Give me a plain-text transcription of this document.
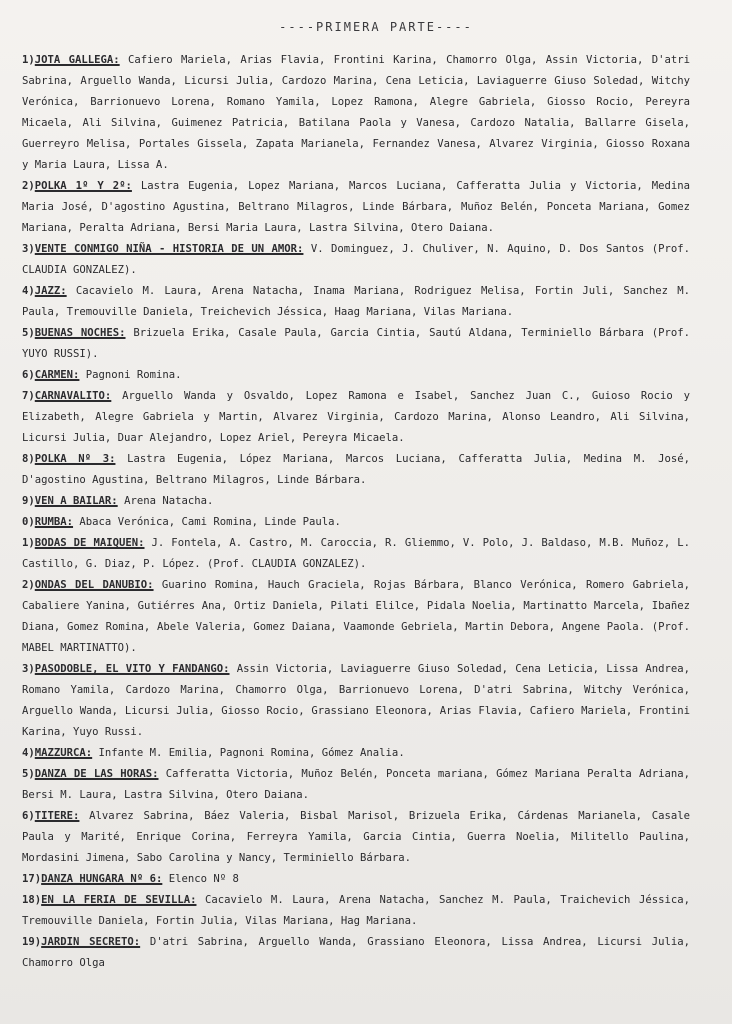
----PRIMERA PARTE----

1)JOTA GALLEGA: Cafiero Mariela, Arias Flavia, Frontini Karina, Chamorro Olga, Assin Victoria, D'atri Sabrina, Arguello Wanda, Licursi Julia, Cardozo Marina, Cena Leticia, Laviaguerre Giuso Soledad, Witchy Verónica, Barrionuevo Lorena, Romano Yamila, Lopez Ramona, Alegre Gabriela, Giosso Rocio, Pereyra Micaela, Ali Silvina, Guimenez Patricia, Batilana Paola y Vanesa, Cardozo Natalia, Ballarre Gisela, Guerreyro Melisa, Portales Gissela, Zapata Marianela, Fernandez Vanesa, Alvarez Virginia, Giosso Roxana y Maria Laura, Lissa A.

2)POLKA 1º Y 2º: Lastra Eugenia, Lopez Mariana, Marcos Luciana, Cafferatta Julia y Victoria, Medina Maria José, D'agostino Agustina, Beltrano Milagros, Linde Bárbara, Muñoz Belén, Ponceta Mariana, Gomez Mariana, Peralta Adriana, Bersi Maria Laura, Lastra Silvina, Otero Daiana.

3)VENTE CONMIGO NIÑA - HISTORIA DE UN AMOR: V. Dominguez, J. Chuliver, N. Aquino, D. Dos Santos (Prof. CLAUDIA GONZALEZ).

4)JAZZ: Cacavielo M. Laura, Arena Natacha, Inama Mariana, Rodriguez Melisa, Fortin Juli, Sanchez M. Paula, Tremouville Daniela, Treichevich Jéssica, Haag Mariana, Vilas Mariana.

5)BUENAS NOCHES: Brizuela Erika, Casale Paula, Garcia Cintia, Sautú Aldana, Terminiello Bárbara (Prof. YUYO RUSSI).

6)CARMEN: Pagnoni Romina.

7)CARNAVALITO: Arguello Wanda y Osvaldo, Lopez Ramona e Isabel, Sanchez Juan C., Guioso Rocio y Elizabeth, Alegre Gabriela y Martin, Alvarez Virginia, Cardozo Marina, Alonso Leandro, Ali Silvina, Licursi Julia, Duar Alejandro, Lopez Ariel, Pereyra Micaela.

8)POLKA Nº 3: Lastra Eugenia, López Mariana, Marcos Luciana, Cafferatta Julia, Medina M. José, D'agostino Agustina, Beltrano Milagros, Linde Bárbara.

9)VEN A BAILAR: Arena Natacha.

0)RUMBA: Abaca Verónica, Cami Romina, Linde Paula.

1)BODAS DE MAIQUEN: J. Fontela, A. Castro, M. Caroccia, R. Gliemmo, V. Polo, J. Baldaso, M.B. Muñoz, L. Castillo, G. Diaz, P. López. (Prof. CLAUDIA GONZALEZ).

2)ONDAS DEL DANUBIO: Guarino Romina, Hauch Graciela, Rojas Bárbara, Blanco Verónica, Romero Gabriela, Cabaliere Yanina, Gutiérres Ana, Ortiz Daniela, Pilati Elilce, Pidala Noelia, Martinatto Marcela, Ibañez Diana, Gomez Romina, Abele Valeria, Gomez Daiana, Vaamonde Gebriela, Martin Debora, Angene Paola. (Prof. MABEL MARTINATTO).

3)PASODOBLE, EL VITO Y FANDANGO: Assin Victoria, Laviaguerre Giuso Soledad, Cena Leticia, Lissa Andrea, Romano Yamila, Cardozo Marina, Chamorro Olga, Barrionuevo Lorena, D'atri Sabrina, Witchy Verónica, Arguello Wanda, Licursi Julia, Giosso Rocio, Grassiano Eleonora, Arias Flavia, Cafiero Mariela, Frontini Karina, Yuyo Russi.

4)MAZZURCA: Infante M. Emilia, Pagnoni Romina, Gómez Analia.

5)DANZA DE LAS HORAS: Cafferatta Victoria, Muñoz Belén, Ponceta mariana, Gómez Mariana Peralta Adriana, Bersi M. Laura, Lastra Silvina, Otero Daiana.

6)TITERE: Alvarez Sabrina, Báez Valeria, Bisbal Marisol, Brizuela Erika, Cárdenas Marianela, Casale Paula y Marité, Enrique Corina, Ferreyra Yamila, Garcia Cintia, Guerra Noelia, Militello Paulina, Mordasini Jimena, Sabo Carolina y Nancy, Terminiello Bárbara.

17)DANZA HUNGARA Nº 6: Elenco Nº 8

18)EN LA FERIA DE SEVILLA: Cacavielo M. Laura, Arena Natacha, Sanchez M. Paula, Traichevich Jéssica, Tremouville Daniela, Fortin Julia, Vilas Mariana, Hag Mariana.

19)JARDIN SECRETO: D'atri Sabrina, Arguello Wanda, Grassiano Eleonora, Lissa Andrea, Licursi Julia, Chamorro Olga
